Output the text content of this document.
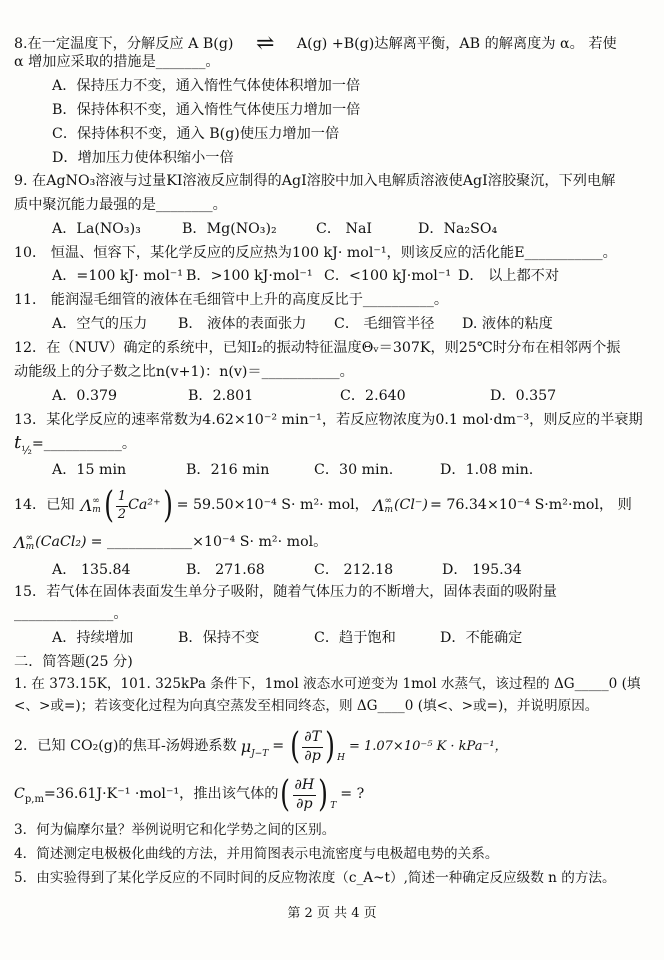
8.在一定温度下，分解反应 A B(g) ⇌ A(g) +B(g)达解离平衡，AB 的解离度为 α。 若使
α 增加应采取的措施是_______。
A．保持压力不变，通入惰性气体使体积增加一倍
B．保持体积不变，通入惰性气体使压力增加一倍
C．保持体积不变，通入 B(g)使压力增加一倍
D．增加压力使体积缩小一倍
9. 在AgNO₃溶液与过量KI溶液反应制得的AgI溶胶中加入电解质溶液使AgI溶胶聚沉，下列电解
质中聚沉能力最强的是________。
A．La(NO₃)₃	B．Mg(NO₃)₂	C． NaI	D．Na₂SO₄
10． 恒温、恒容下，某化学反应的反应热为100 kJ· mol⁻¹，则该反应的活化能E___________。
A．=100 kJ· mol⁻¹ B．>100 kJ·mol⁻¹ C．<100 kJ·mol⁻¹ D． 以上都不对
11． 能润湿毛细管的液体在毛细管中上升的高度反比于__________。
A．空气的压力 B． 液体的表面张力 C． 毛细管半径 D. 液体的粘度
12．在（NUV）确定的系统中，已知I₂的振动特征温度Θᵥ＝307K，则25℃时分布在相邻两个振
动能级上的分子数之比n(v+1)：n(v)＝___________。
A．0.379	B．2.801	C．2.640	D．0.357
13．某化学反应的速率常数为4.62×10⁻² min⁻¹，若反应物浓度为0.1 mol·dm⁻³，则反应的半衰期
$t_{\frac{1}{2}}=\_\_\_\_\_\_\_\_\_\_\_$。
A．15 min	B．216 min	C．30 min.	D．1.08 min.
14．已知 Λ ∞
m ( $\frac{1}{2} Ca^{2+}$ ) = 59.50×10⁻⁴ S· m²· mol， Λ ∞
m (Cl⁻) = 76.34×10⁻⁴ S·m²·mol， 则
Λ ∞
m (CaCl₂) = ____________×10⁻⁴ S· m²· mol。
A． 135.84	B． 271.68	C． 212.18	D． 195.34
15．若气体在固体表面发生单分子吸附，随着气体压力的不断增大，固体表面的吸附量
______________。
A．持续增加	B．保持不变	C．趋于饱和	D．不能确定
二．简答题(25 分)
1. 在 373.15K，101. 325kPa 条件下，1mol 液态水可逆变为 1mol 水蒸气，该过程的 ΔG_____0 (填
<、>或=)；若该变化过程为向真空蒸发至相同终态，则 ΔG____0 (填<、>或=)，并说明原因。
2．已知 CO₂(g)的焦耳-汤姆逊系数 μ J−T = ( $\frac{\partial T}{\partial p}$ ) H
= 1.07×10⁻⁵ K · kPa⁻¹，
C p,m =36.61J·K⁻¹ ·mol⁻¹，推出该气体的 ( $\frac{\partial H}{\partial p}$ ) T
= ?
3．何为偏摩尔量？举例说明它和化学势之间的区别。
第 2 页 共 4 页
4．简述测定电极极化曲线的方法，并用简图表示电流密度与电极超电势的关系。
5．由实验得到了某化学反应的不同时间的反应物浓度（c_A~t）,简述一种确定反应级数 n 的方法。
